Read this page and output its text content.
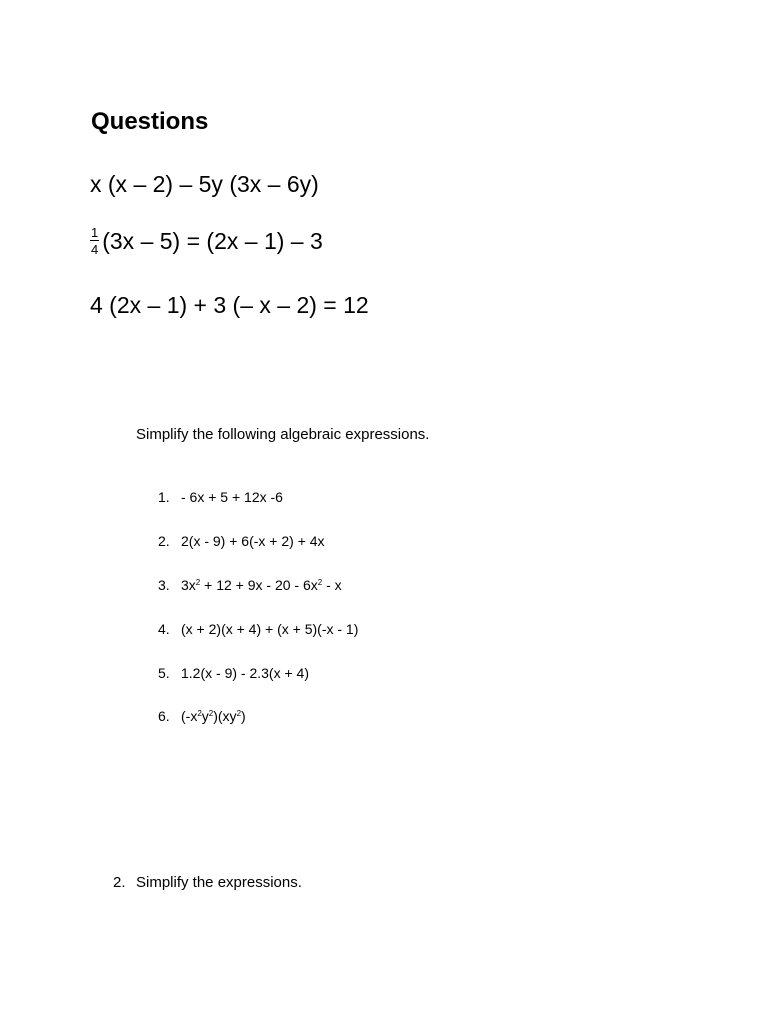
Questions
x (x – 2) – 5y (3x – 6y)
$\frac{1}{4} (3x - 5) = (2x - 1) - 3$
4 (2x – 1) + 3 (– x – 2) = 12
Simplify the following algebraic expressions.
1. - 6x + 5 + 12x -6
2. 2(x - 9) + 6(-x + 2) + 4x
3. $3x^2 + 12 + 9x - 20 - 6x^2 - x$
4. (x + 2)(x + 4) + (x + 5)(-x - 1)
5. 1.2(x - 9) - 2.3(x + 4)
6. $(-x^2y^2)(xy^2)$
2. Simplify the expressions.
